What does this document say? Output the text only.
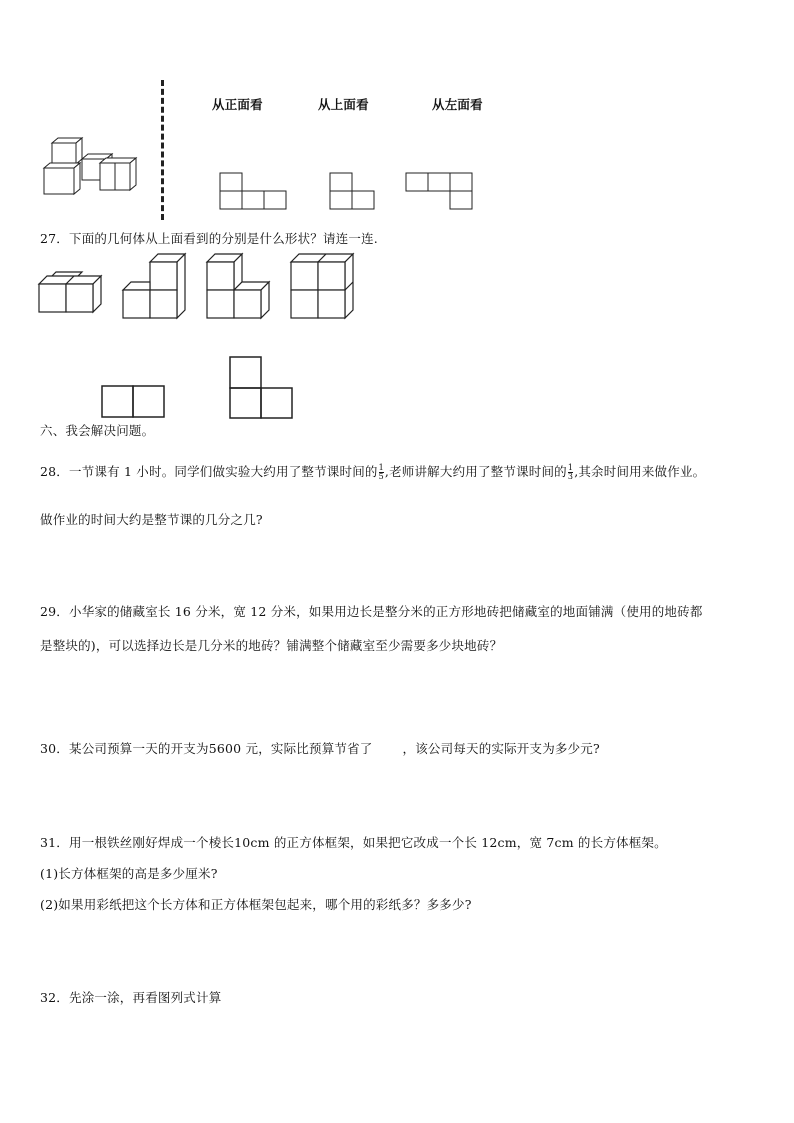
从正面看	从上面看	从左面看
27．下面的几何体从上面看到的分别是什么形状？请连一连.
六、我会解决问题。
28．一节课有 1 小时。同学们做实验大约用了整节课时间的 $\frac{1}{5}$ ,老师讲解大约用了整节课时间的 $\frac{1}{3}$ ,其余时间用来做作业。
做作业的时间大约是整节课的几分之几?
29．小华家的储藏室长 16 分米，宽 12 分米，如果用边长是整分米的正方形地砖把储藏室的地面铺满（使用的地砖都
是整块的)，可以选择边长是几分米的地砖？铺满整个储藏室至少需要多少块地砖？
30．某公司预算一天的开支为5600 元，实际比预算节省了 ，该公司每天的实际开支为多少元?
31．用一根铁丝刚好焊成一个棱长10cm 的正方体框架，如果把它改成一个长 12cm，宽 7cm 的长方体框架。
(1)长方体框架的高是多少厘米?
(2)如果用彩纸把这个长方体和正方体框架包起来，哪个用的彩纸多？多多少?
32．先涂一涂，再看图列式计算
